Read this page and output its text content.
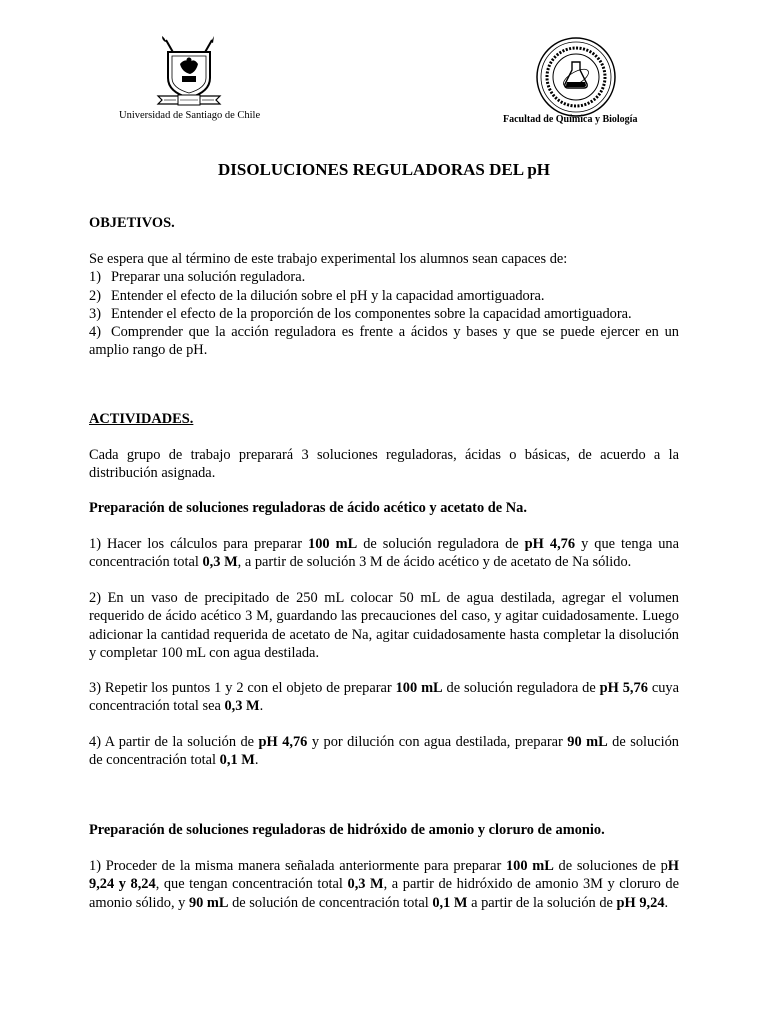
Universidad de Santiago de Chile	Facultad de Química y Biología
DISOLUCIONES REGULADORAS DEL pH
OBJETIVOS.

Se espera que al término de este trabajo experimental los alumnos sean capaces de:

1) Preparar una solución reguladora.
2) Entender el efecto de la dilución sobre el pH y la capacidad amortiguadora.
3) Entender el efecto de la proporción de los componentes sobre la capacidad amortiguadora.
4) Comprender que la acción reguladora es frente a ácidos y bases y que se puede ejercer en un amplio rango de pH.
ACTIVIDADES.

Cada grupo de trabajo preparará 3 soluciones reguladoras, ácidas o básicas, de acuerdo a la distribución asignada.

Preparación de soluciones reguladoras de ácido acético y acetato de Na.

1) Hacer los cálculos para preparar 100 mL de solución reguladora de pH 4,76 y que tenga una concentración total 0,3 M, a partir de solución 3 M de ácido acético y de acetato de Na sólido.

2) En un vaso de precipitado de 250 mL colocar 50 mL de agua destilada, agregar el volumen requerido de ácido acético 3 M, guardando las precauciones del caso, y agitar cuidadosamente. Luego adicionar la cantidad requerida de acetato de Na, agitar cuidadosamente hasta completar la disolución y completar 100 mL con agua destilada.

3) Repetir los puntos 1 y 2 con el objeto de preparar 100 mL de solución reguladora de pH 5,76 cuya concentración total sea 0,3 M.

4) A partir de la solución de pH 4,76 y por dilución con agua destilada, preparar 90 mL de solución de concentración total 0,1 M.

Preparación de soluciones reguladoras de hidróxido de amonio y cloruro de amonio.

1) Proceder de la misma manera señalada anteriormente para preparar 100 mL de soluciones de pH 9,24 y 8,24, que tengan concentración total 0,3 M, a partir de hidróxido de amonio 3M y cloruro de amonio sólido, y 90 mL de solución de concentración total 0,1 M a partir de la solución de pH 9,24.
